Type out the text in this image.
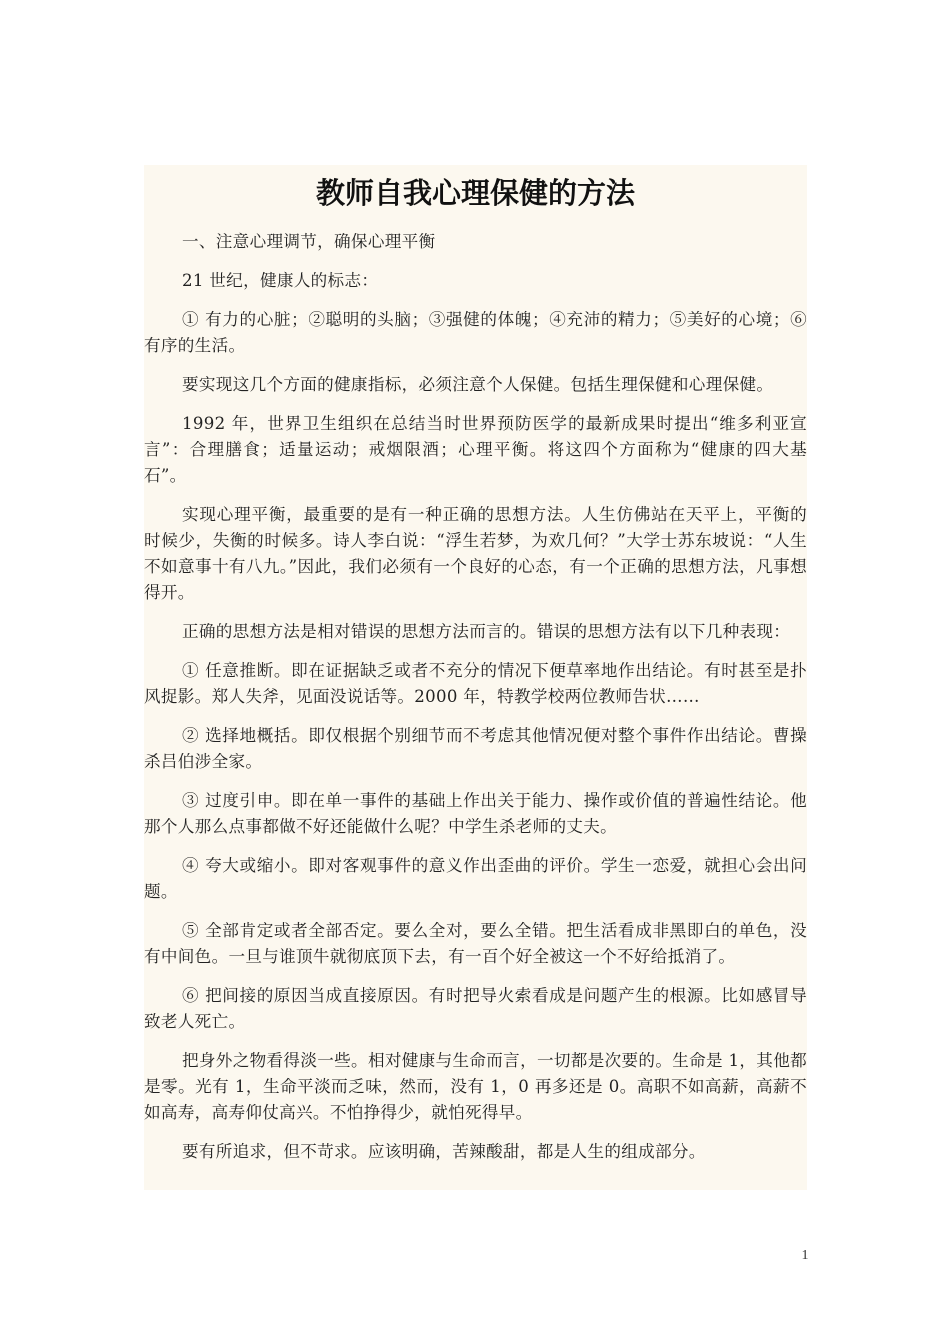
教师自我心理保健的方法

一、注意心理调节，确保心理平衡

21 世纪，健康人的标志：

① 有力的心脏；②聪明的头脑；③强健的体魄；④充沛的精力；⑤美好的心境；⑥有序的生活。

要实现这几个方面的健康指标，必须注意个人保健。包括生理保健和心理保健。

1992 年，世界卫生组织在总结当时世界预防医学的最新成果时提出“维多利亚宣言”：合理膳食；适量运动；戒烟限酒；心理平衡。将这四个方面称为“健康的四大基石”。

实现心理平衡，最重要的是有一种正确的思想方法。人生仿佛站在天平上，平衡的时候少，失衡的时候多。诗人李白说：“浮生若梦，为欢几何？”大学士苏东坡说：“人生不如意事十有八九。”因此，我们必须有一个良好的心态，有一个正确的思想方法，凡事想得开。

正确的思想方法是相对错误的思想方法而言的。错误的思想方法有以下几种表现：

① 任意推断。即在证据缺乏或者不充分的情况下便草率地作出结论。有时甚至是扑风捉影。郑人失斧，见面没说话等。2000 年，特教学校两位教师告状……

② 选择地概括。即仅根据个别细节而不考虑其他情况便对整个事件作出结论。曹操杀吕伯涉全家。

③ 过度引申。即在单一事件的基础上作出关于能力、操作或价值的普遍性结论。他那个人那么点事都做不好还能做什么呢？中学生杀老师的丈夫。

④ 夸大或缩小。即对客观事件的意义作出歪曲的评价。学生一恋爱，就担心会出问题。

⑤ 全部肯定或者全部否定。要么全对，要么全错。把生活看成非黑即白的单色，没有中间色。一旦与谁顶牛就彻底顶下去，有一百个好全被这一个不好给抵消了。

⑥ 把间接的原因当成直接原因。有时把导火索看成是问题产生的根源。比如感冒导致老人死亡。

把身外之物看得淡一些。相对健康与生命而言，一切都是次要的。生命是 1，其他都是零。光有 1，生命平淡而乏味，然而，没有 1，0 再多还是 0。高职不如高薪，高薪不如高寿，高寿仰仗高兴。不怕挣得少，就怕死得早。

要有所追求，但不苛求。应该明确，苦辣酸甜，都是人生的组成部分。

1
